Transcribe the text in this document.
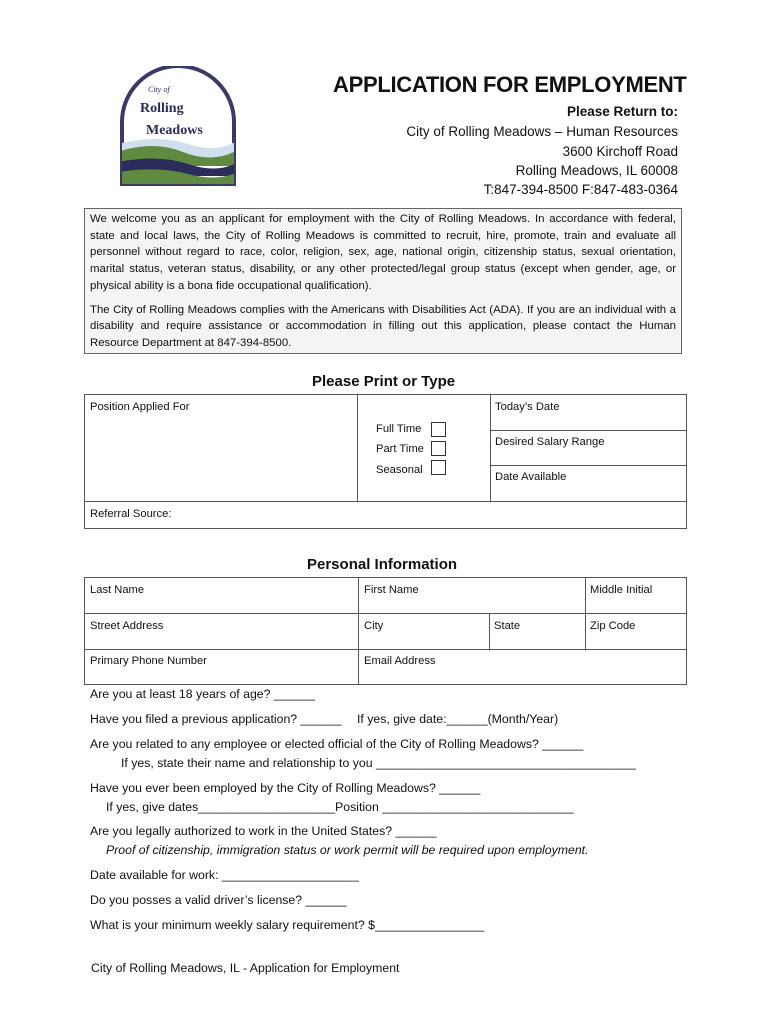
City of
Rolling
Meadows
APPLICATION FOR EMPLOYMENT
Please Return to:
City of Rolling Meadows – Human Resources
3600 Kirchoff Road
Rolling Meadows, IL 60008
T:847-394-8500 F:847-483-0364

We welcome you as an applicant for employment with the City of Rolling Meadows. In accordance with federal, state and local laws, the City of Rolling Meadows is committed to recruit, hire, promote, train and evaluate all personnel without regard to race, color, religion, sex, age, national origin, citizenship status, sexual orientation, marital status, veteran status, disability, or any other protected/legal group status (except when gender, age, or physical ability is a bona fide occupational qualification).

The City of Rolling Meadows complies with the Americans with Disabilities Act (ADA). If you are an individual with a disability and require assistance or accommodation in filling out this application, please contact the Human Resource Department at 847-394-8500.

Please Print or Type
Position Applied For
Full Time
Part Time
Seasonal
Today’s Date
Desired Salary Range
Date Available
Referral Source:
Personal Information
Last Name	First Name	Middle Initial
Street Address	City	State	Zip Code
Primary Phone Number	Email Address
Are you at least 18 years of age? ______
Have you filed a previous application? ______ If yes, give date:______(Month/Year)
Are you related to any employee or elected official of the City of Rolling Meadows? ______
If yes, state their name and relationship to you ______________________________________
Have you ever been employed by the City of Rolling Meadows? ______
If yes, give dates____________________Position ____________________________
Are you legally authorized to work in the United States? ______
Proof of citizenship, immigration status or work permit will be required upon employment.
Date available for work: ____________________
Do you posses a valid driver’s license? ______
What is your minimum weekly salary requirement? $________________
City of Rolling Meadows, IL - Application for Employment
